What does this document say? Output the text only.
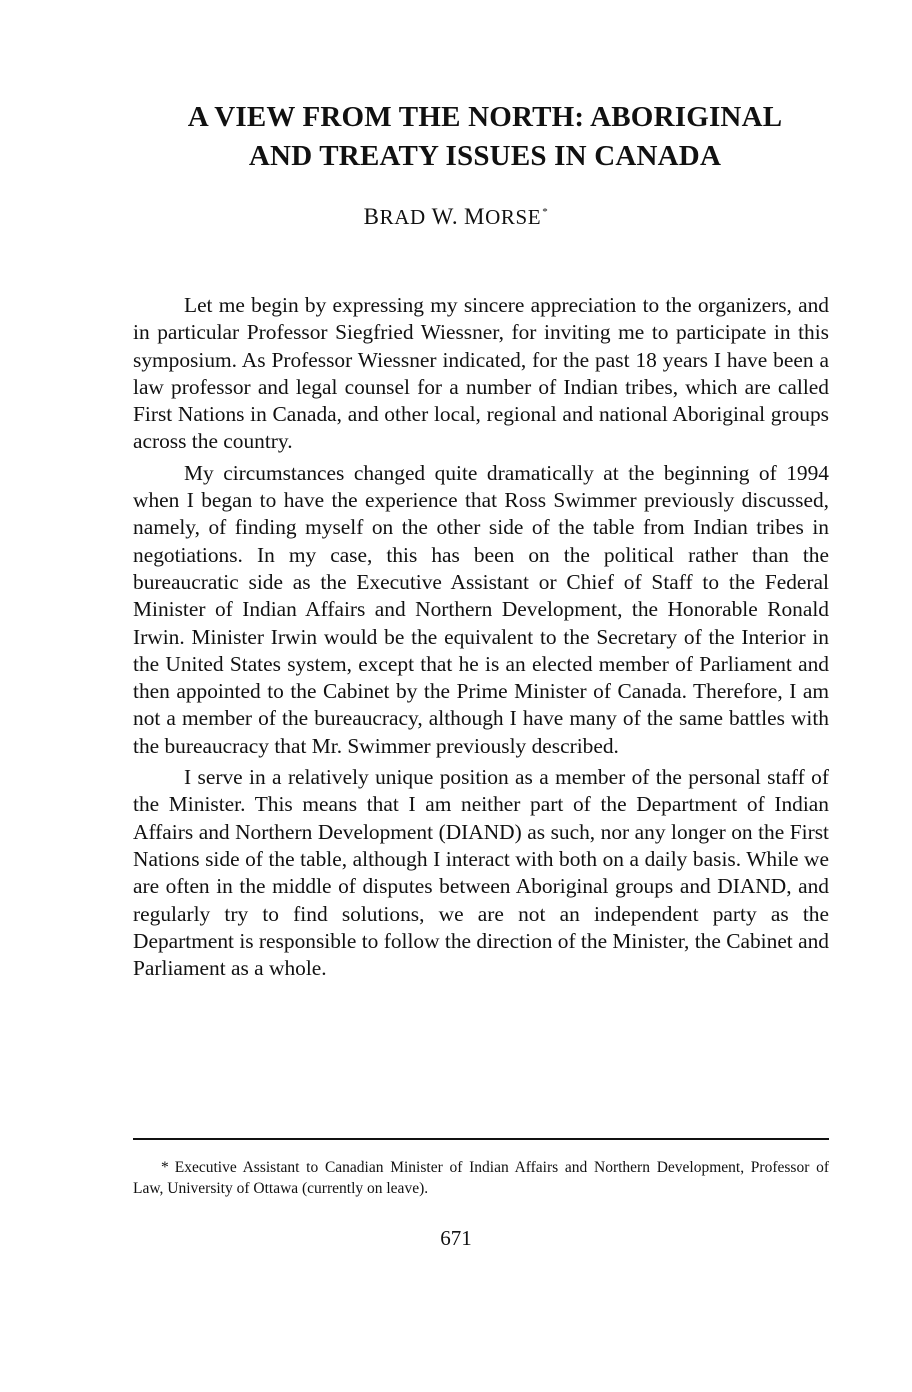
A VIEW FROM THE NORTH: ABORIGINAL
AND TREATY ISSUES IN CANADA

BRAD W. MORSE*

Let me begin by expressing my sincere appreciation to the organizers, and in particular Professor Siegfried Wiessner, for inviting me to participate in this symposium. As Professor Wiessner indicated, for the past 18 years I have been a law professor and legal counsel for a number of Indian tribes, which are called First Nations in Canada, and other local, regional and national Aboriginal groups across the country.

My circumstances changed quite dramatically at the beginning of 1994 when I began to have the experience that Ross Swimmer previously discussed, namely, of finding myself on the other side of the table from Indian tribes in negotiations. In my case, this has been on the political rather than the bureaucratic side as the Executive Assistant or Chief of Staff to the Federal Minister of Indian Affairs and Northern Development, the Honorable Ronald Irwin. Minister Irwin would be the equivalent to the Secretary of the Interior in the United States system, except that he is an elected member of Parliament and then appointed to the Cabinet by the Prime Minister of Canada. Therefore, I am not a member of the bureaucracy, although I have many of the same battles with the bureaucracy that Mr. Swimmer previously described.

I serve in a relatively unique position as a member of the personal staff of the Minister. This means that I am neither part of the Department of Indian Affairs and Northern Development (DIAND) as such, nor any longer on the First Nations side of the table, although I interact with both on a daily basis. While we are often in the middle of disputes between Aboriginal groups and DIAND, and regularly try to find solutions, we are not an independent party as the Department is responsible to follow the direction of the Minister, the Cabinet and Parliament as a whole.

* Executive Assistant to Canadian Minister of Indian Affairs and Northern Development, Professor of Law, University of Ottawa (currently on leave).

671
